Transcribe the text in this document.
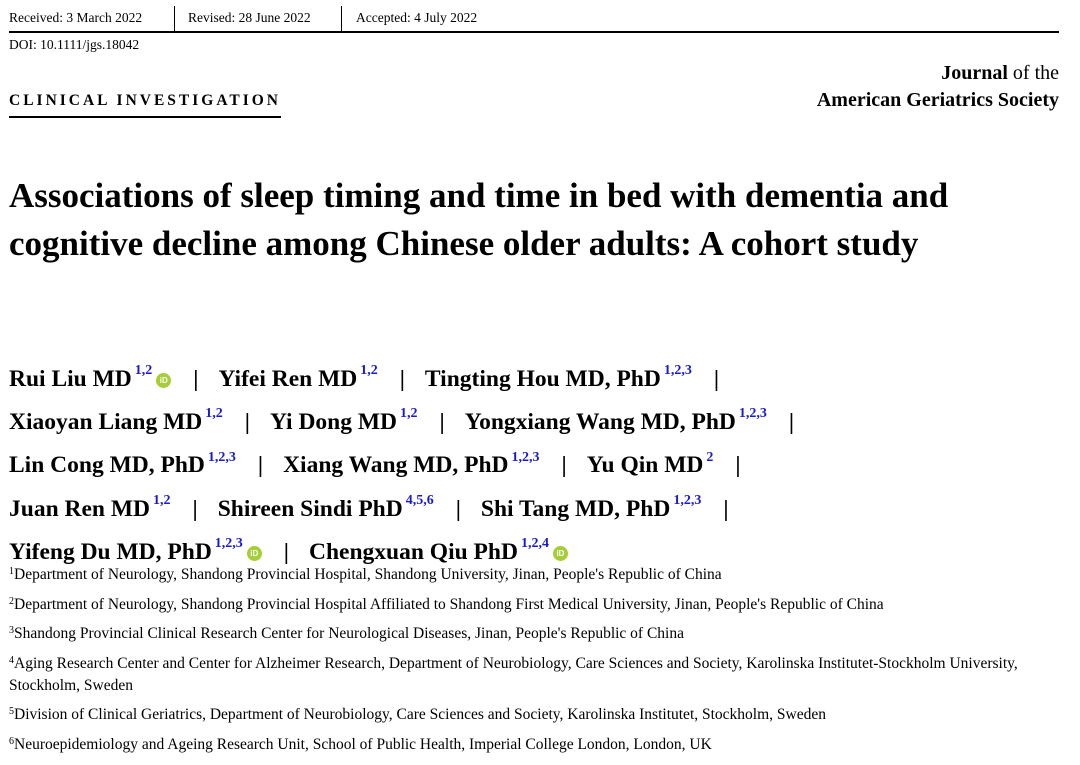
Received: 3 March 2022	Revised: 28 June 2022	Accepted: 4 July 2022
DOI: 10.1111/jgs.18042
CLINICAL INVESTIGATION
Journal of the
American Geriatrics Society
Associations of sleep timing and time in bed with dementia and cognitive decline among Chinese older adults: A cohort study
Rui Liu MD $^{1,2}$iD | Yifei Ren MD $^{1,2}$ | Tingting Hou MD, PhD $^{1,2,3}$ |
Xiaoyan Liang MD $^{1,2}$ | Yi Dong MD $^{1,2}$ | Yongxiang Wang MD, PhD $^{1,2,3}$ |
Lin Cong MD, PhD $^{1,2,3}$ | Xiang Wang MD, PhD $^{1,2,3}$ | Yu Qin MD $^2$ |
Juan Ren MD $^{1,2}$ | Shireen Sindi PhD $^{4,5,6}$ | Shi Tang MD, PhD $^{1,2,3}$ |
Yifeng Du MD, PhD $^{1,2,3}$iD | Chengxuan Qiu PhD $^{1,2,4}$iD
$^1$Department of Neurology, Shandong Provincial Hospital, Shandong University, Jinan, People's Republic of China
$^2$Department of Neurology, Shandong Provincial Hospital Affiliated to Shandong First Medical University, Jinan, People's Republic of China
$^3$Shandong Provincial Clinical Research Center for Neurological Diseases, Jinan, People's Republic of China
$^4$Aging Research Center and Center for Alzheimer Research, Department of Neurobiology, Care Sciences and Society, Karolinska Institutet-Stockholm University, Stockholm, Sweden
$^5$Division of Clinical Geriatrics, Department of Neurobiology, Care Sciences and Society, Karolinska Institutet, Stockholm, Sweden
$^6$Neuroepidemiology and Ageing Research Unit, School of Public Health, Imperial College London, London, UK
